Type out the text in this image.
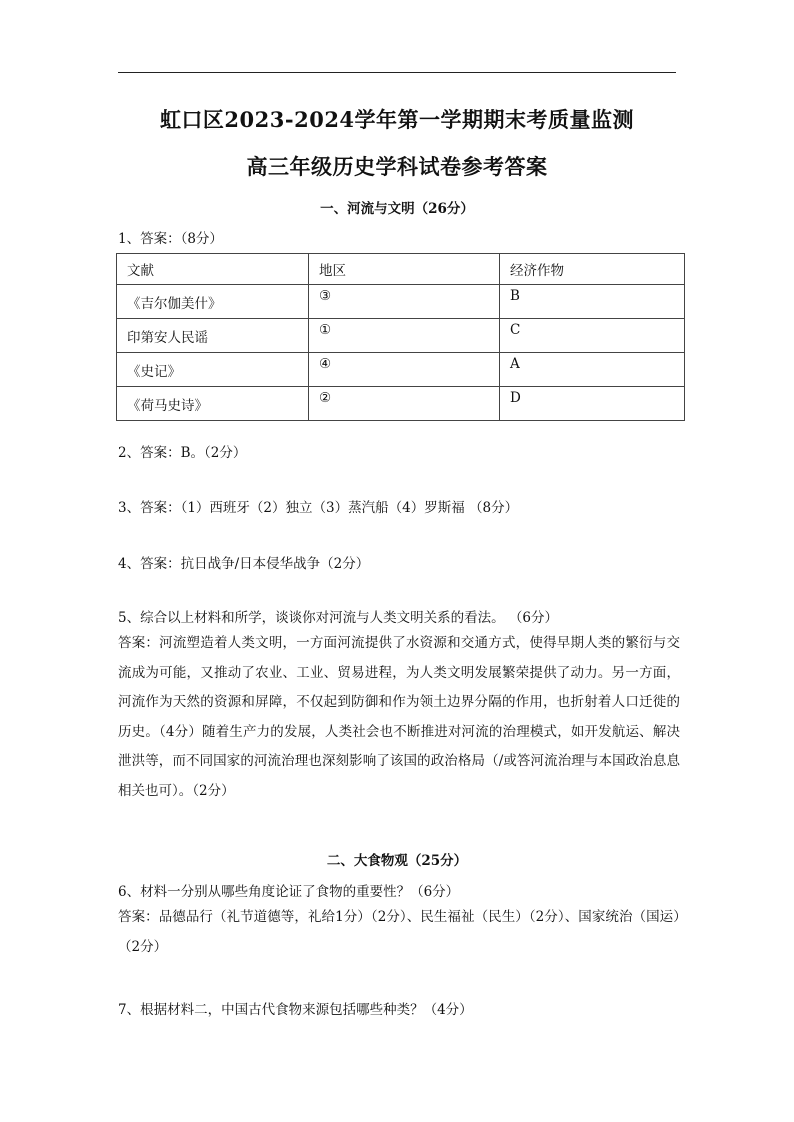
虹口区2023-2024学年第一学期期末考质量监测
高三年级历史学科试卷参考答案
一、河流与文明（26分）
1、答案：（8分）
文献	地区	经济作物
《吉尔伽美什》	③	B
印第安人民谣	①	C
《史记》	④	A
《荷马史诗》	②	D
2、答案：B。（2分）
3、答案：（1）西班牙（2）独立（3）蒸汽船（4）罗斯福 （8分）
4、答案：抗日战争/日本侵华战争（2分）
5、综合以上材料和所学，谈谈你对河流与人类文明关系的看法。 （6分）
答案：河流塑造着人类文明，一方面河流提供了水资源和交通方式，使得早期人类的繁衍与交流成为可能，又推动了农业、工业、贸易进程，为人类文明发展繁荣提供了动力。另一方面，河流作为天然的资源和屏障，不仅起到防御和作为领土边界分隔的作用，也折射着人口迁徙的历史。（4分）随着生产力的发展，人类社会也不断推进对河流的治理模式，如开发航运、解决泄洪等，而不同国家的河流治理也深刻影响了该国的政治格局（/或答河流治理与本国政治息息相关也可）。（2分）
二、大食物观（25分）
6、材料一分别从哪些角度论证了食物的重要性？（6分）
答案：品德品行（礼节道德等，礼给1分）（2分）、民生福祉（民生）（2分）、国家统治（国运）（2分）
7、根据材料二，中国古代食物来源包括哪些种类？（4分）
